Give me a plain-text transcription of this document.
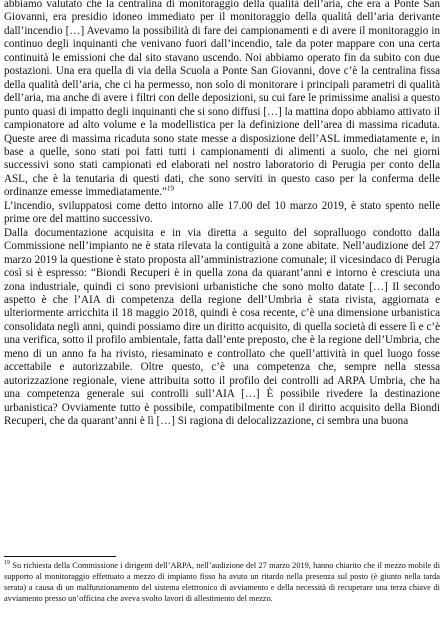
abbiamo valutato che la centralina di monitoraggio della qualità dell’aria, che era a Ponte San Giovanni, era presidio idoneo immediato per il monitoraggio della qualità dell’aria derivante dall’incendio […] Avevamo la possibilità di fare dei campionamenti e di avere il monitoraggio in continuo degli inquinanti che venivano fuori dall’incendio, tale da poter mappare con una certa continuità le emissioni che dal sito stavano uscendo. Noi abbiamo operato fin da subito con due postazioni. Una era quella di via della Scuola a Ponte San Giovanni, dove c’è la centralina fissa della qualità dell’aria, che ci ha permesso, non solo di monitorare i principali parametri di qualità dell’aria, ma anche di avere i filtri con delle deposizioni, su cui fare le primissime analisi a questo punto quasi di impatto degli inquinanti che si sono diffusi […] la mattina dopo abbiamo attivato il campionatore ad alto volume e la modellistica per la definizione dell’area di massima ricaduta. Queste aree di massima ricaduta sono state messe a disposizione dell’ASL immediatamente e, in base a quelle, sono stati poi fatti tutti i campionamenti di alimenti a suolo, che nei giorni successivi sono stati campionati ed elaborati nel nostro laboratorio di Perugia per conto della ASL, che è la tenutaria di questi dati, che sono serviti in questo caso per la conferma delle ordinanze emesse immediatamente.”$^{19}$

L’incendio, sviluppatosi come detto intorno alle 17.00 del 10 marzo 2019, è stato spento nelle prime ore del mattino successivo.

Dalla documentazione acquisita e in via diretta a seguito del sopralluogo condotto dalla Commissione nell’impianto ne è stata rilevata la contiguità a zone abitate. Nell’audizione del 27 marzo 2019 la questione è stato proposta all’amministrazione comunale; il vicesindaco di Perugia così si è espresso: “Biondi Recuperi è in quella zona da quarant’anni e intorno è cresciuta una zona industriale, quindi ci sono previsioni urbanistiche che sono molto datate […] Il secondo aspetto è che l’AIA di competenza della regione dell’Umbria è stata rivista, aggiornata e ulteriormente arricchita il 18 maggio 2018, quindi è cosa recente, c’è una dimensione urbanistica consolidata negli anni, quindi possiamo dire un diritto acquisito, di quella società di essere lì e c’è una verifica, sotto il profilo ambientale, fatta dall’ente preposto, che è la regione dell’Umbria, che meno di un anno fa ha rivisto, riesaminato e controllato che quell’attività in quel luogo fosse accettabile e autorizzabile. Oltre questo, c’è una competenza che, sempre nella stessa autorizzazione regionale, viene attribuita sotto il profilo dei controlli ad ARPA Umbria, che ha una competenza generale sui controlli sull’AIA […] È possibile rivedere la destinazione urbanistica? Ovviamente tutto è possibile, compatibilmente con il diritto acquisito della Biondi Recuperi, che da quarant’anni è lì […] Si ragiona di delocalizzazione, ci sembra una buona

$^{19}$ Su richiesta della Commissione i dirigenti dell’ARPA, nell’audizione del 27 marzo 2019, hanno chiarito che il mezzo mobile di supporto al monitoraggio effettuato a mezzo di impianto fisso ha avuto un ritardo nella presenza sul posto (è giunto nella tarda serata) a causa di un malfunzionamento del sistema elettronico di avviamento e della necessità di recuperare una terza chiave di avviamento presso un’officina che aveva svolto lavori di allestimento del mezzo.
